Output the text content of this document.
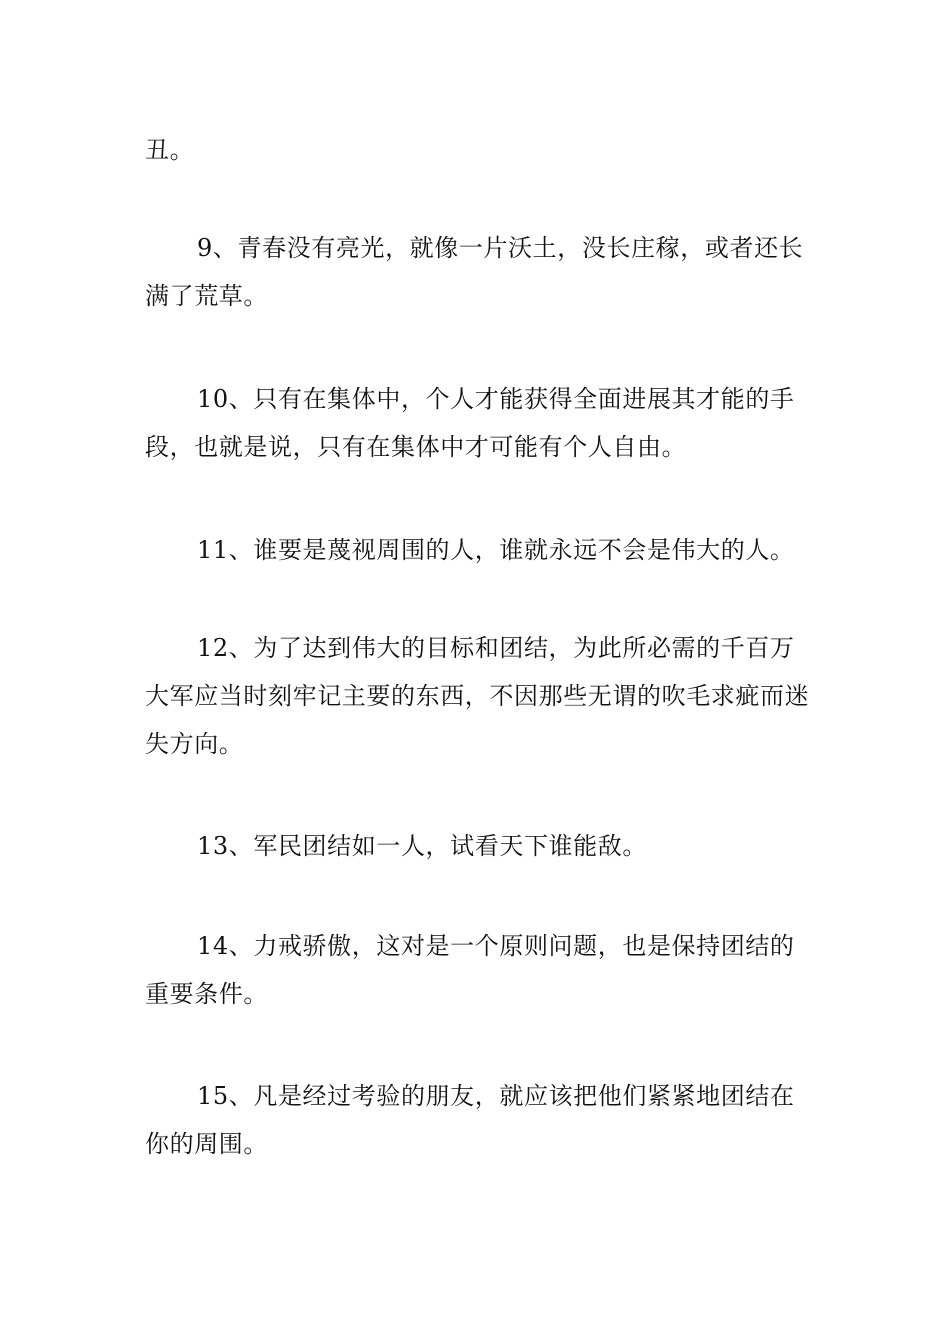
丑。

9、青春没有亮光，就像一片沃土，没长庄稼，或者还长满了荒草。

10、只有在集体中，个人才能获得全面进展其才能的手段，也就是说，只有在集体中才可能有个人自由。

11、谁要是蔑视周围的人，谁就永远不会是伟大的人。

12、为了达到伟大的目标和团结，为此所必需的千百万大军应当时刻牢记主要的东西，不因那些无谓的吹毛求疵而迷失方向。

13、军民团结如一人，试看天下谁能敌。

14、力戒骄傲，这对是一个原则问题，也是保持团结的重要条件。

15、凡是经过考验的朋友，就应该把他们紧紧地团结在你的周围。
